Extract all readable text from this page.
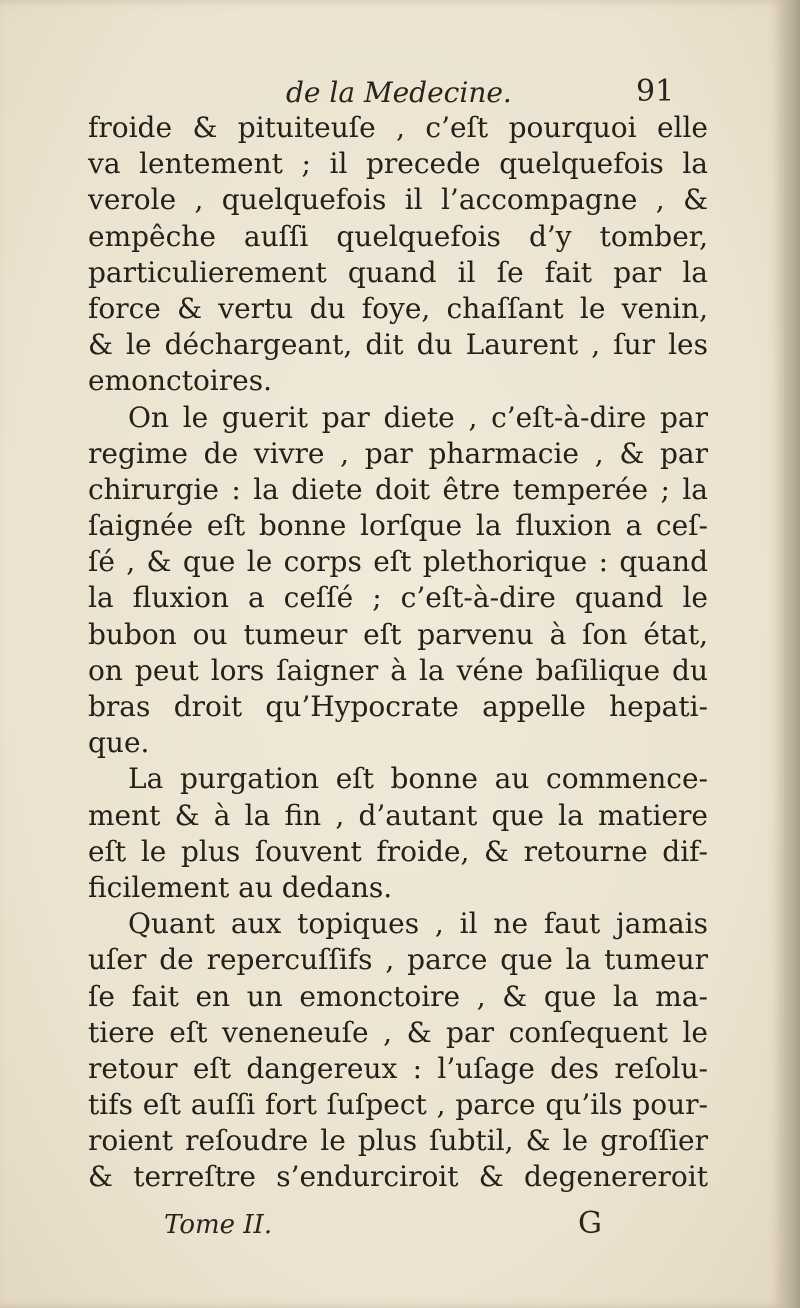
de la Medecine.	91
froide & pituiteuſe , c’eſt pourquoi elle
va lentement ; il precede quelquefois la
verole , quelquefois il l’accompagne , &
empêche auſſi quelquefois d’y tomber,
particulierement quand il ſe fait par la
force & vertu du foye, chaſſant le venin,
& le déchargeant, dit du Laurent , ſur les
emonctoires.
On le guerit par diete , c’eſt-à-dire par
regime de vivre , par pharmacie , & par
chirurgie : la diete doit être temperée ; la
ſaignée eſt bonne lorſque la fluxion a ceſ-
ſé , & que le corps eſt plethorique : quand
la fluxion a ceſſé ; c’eſt-à-dire quand le
bubon ou tumeur eſt parvenu à ſon état,
on peut lors ſaigner à la véne baſilique du
bras droit qu’Hypocrate appelle hepati-
que.
La purgation eſt bonne au commence-
ment & à la fin , d’autant que la matiere
eſt le plus ſouvent froide, & retourne dif-
ficilement au dedans.
Quant aux topiques , il ne faut jamais
uſer de repercuſſifs , parce que la tumeur
ſe fait en un emonctoire , & que la ma-
tiere eſt veneneuſe , & par conſequent le
retour eſt dangereux : l’uſage des reſolu-
tifs eſt auſſi fort ſuſpect , parce qu’ils pour-
roient reſoudre le plus ſubtil, & le groſſier
& terreſtre s’endurciroit & degenereroit
Tome II.	G
